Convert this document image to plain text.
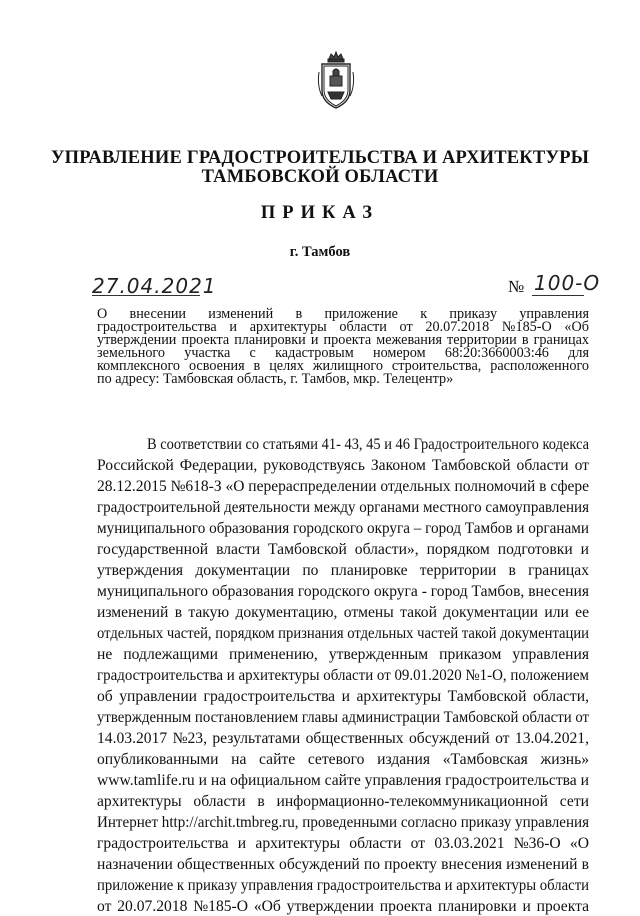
УПРАВЛЕНИЕ ГРАДОСТРОИТЕЛЬСТВА И АРХИТЕКТУРЫ
ТАМБОВСКОЙ ОБЛАСТИ
ПРИКАЗ
г. Тамбов
27.04.2021	№ 100-О
О внесении изменений в приложение к приказу управления
градостроительства и архитектуры области от 20.07.2018 №185-О «Об
утверждении проекта планировки и проекта межевания территории в границах
земельного участка с кадастровым номером 68:20:3660003:46 для
комплексного освоения в целях жилищного строительства, расположенного
по адресу: Тамбовская область, г. Тамбов, мкр. Телецентр»
В соответствии со статьями 41- 43, 45 и 46 Градостроительного кодекса
Российской Федерации, руководствуясь Законом Тамбовской области от
28.12.2015 №618-З «О перераспределении отдельных полномочий в сфере
градостроительной деятельности между органами местного самоуправления
муниципального образования городского округа – город Тамбов и органами
государственной власти Тамбовской области», порядком подготовки и
утверждения документации по планировке территории в границах
муниципального образования городского округа - город Тамбов, внесения
изменений в такую документацию, отмены такой документации или ее
отдельных частей, порядком признания отдельных частей такой документации
не подлежащими применению, утвержденным приказом управления
градостроительства и архитектуры области от 09.01.2020 №1-О, положением
об управлении градостроительства и архитектуры Тамбовской области,
утвержденным постановлением главы администрации Тамбовской области от
14.03.2017 №23, результатами общественных обсуждений от 13.04.2021,
опубликованными на сайте сетевого издания «Тамбовская жизнь»
www.tamlife.ru и на официальном сайте управления градостроительства и
архитектуры области в информационно-телекоммуникационной сети
Интернет http://archit.tmbreg.ru, проведенными согласно приказу управления
градостроительства и архитектуры области от 03.03.2021 №36-О «О
назначении общественных обсуждений по проекту внесения изменений в
приложение к приказу управления градостроительства и архитектуры области
от 20.07.2018 №185-О «Об утверждении проекта планировки и проекта
